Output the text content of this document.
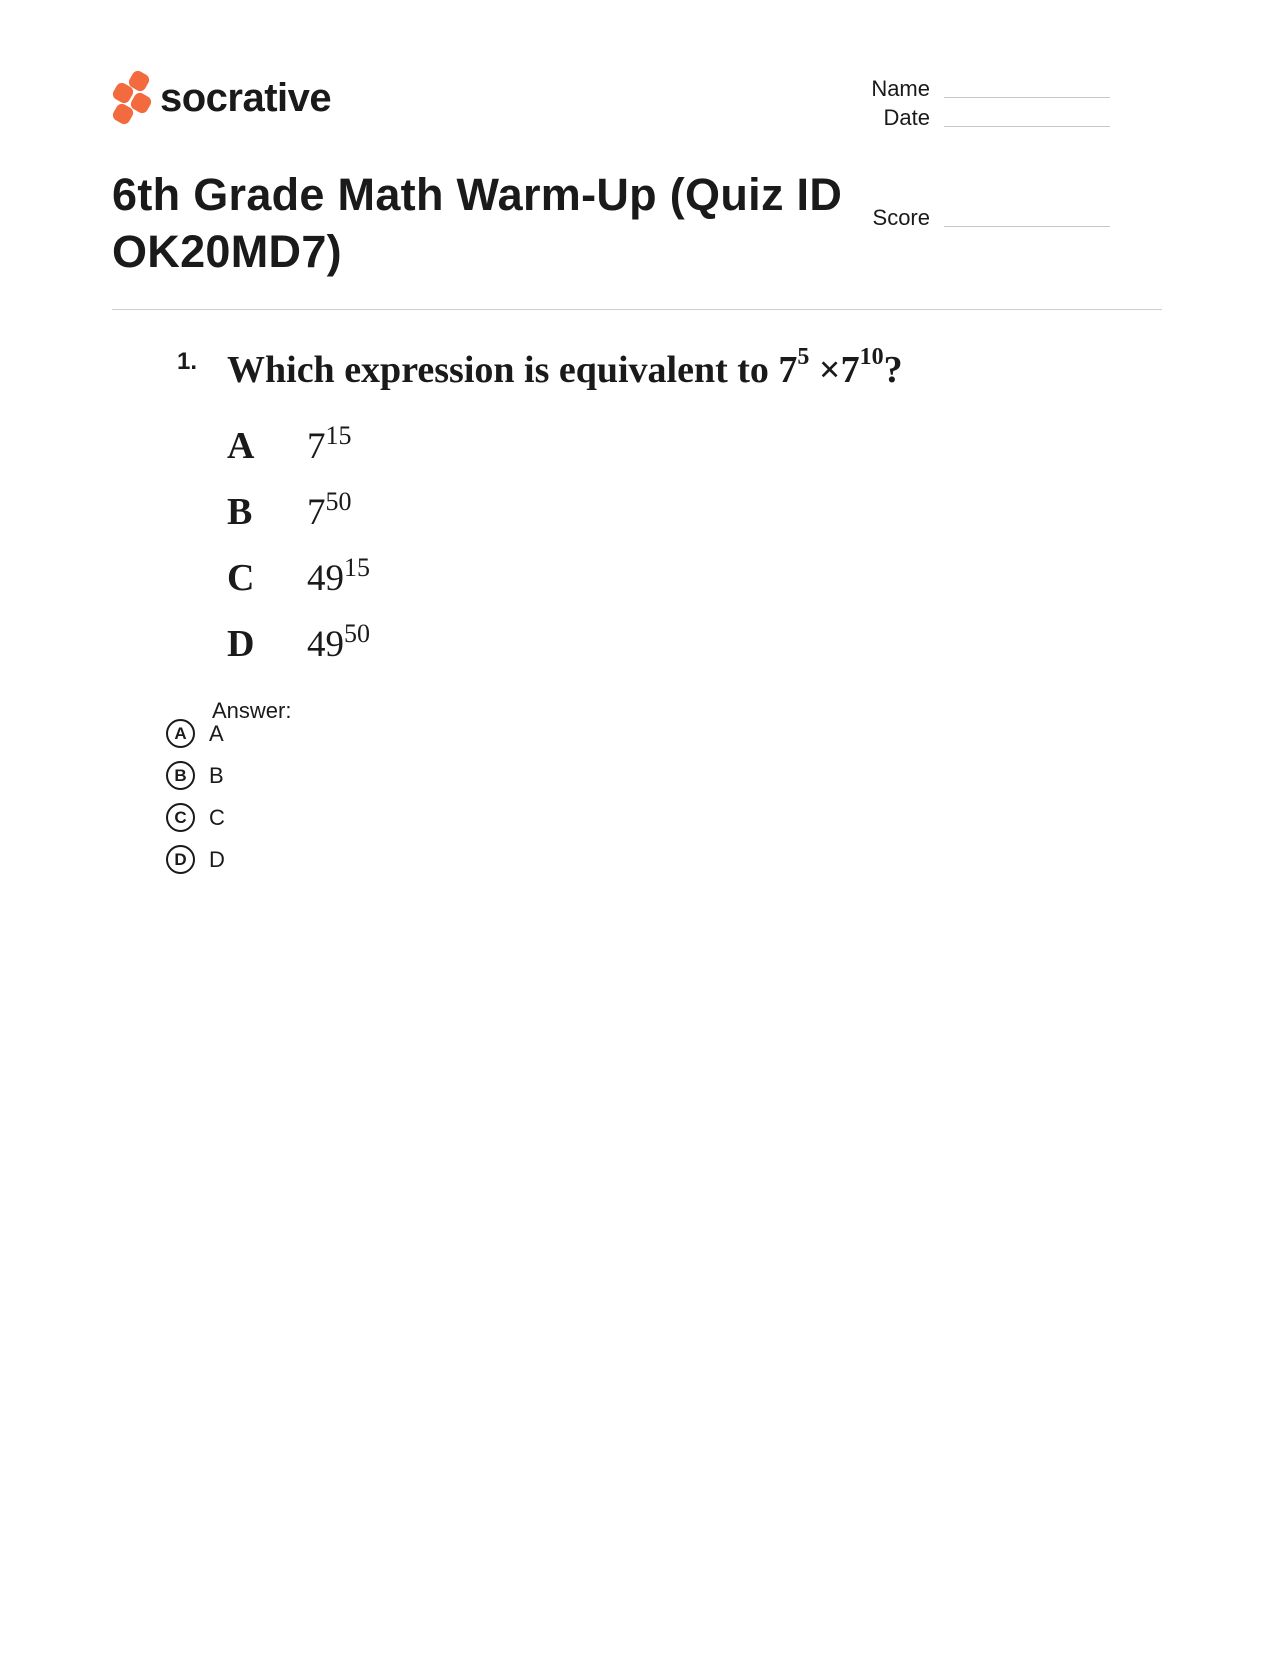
socrative	Name
Date
Score
6th Grade Math Warm-Up (Quiz ID OK20MD7)
1. Which expression is equivalent to $7^5 \times 7^{10}$?
A 715
B 750
C 4915
D 4950
Answer:
A	A
B	B
C	C
D	D
